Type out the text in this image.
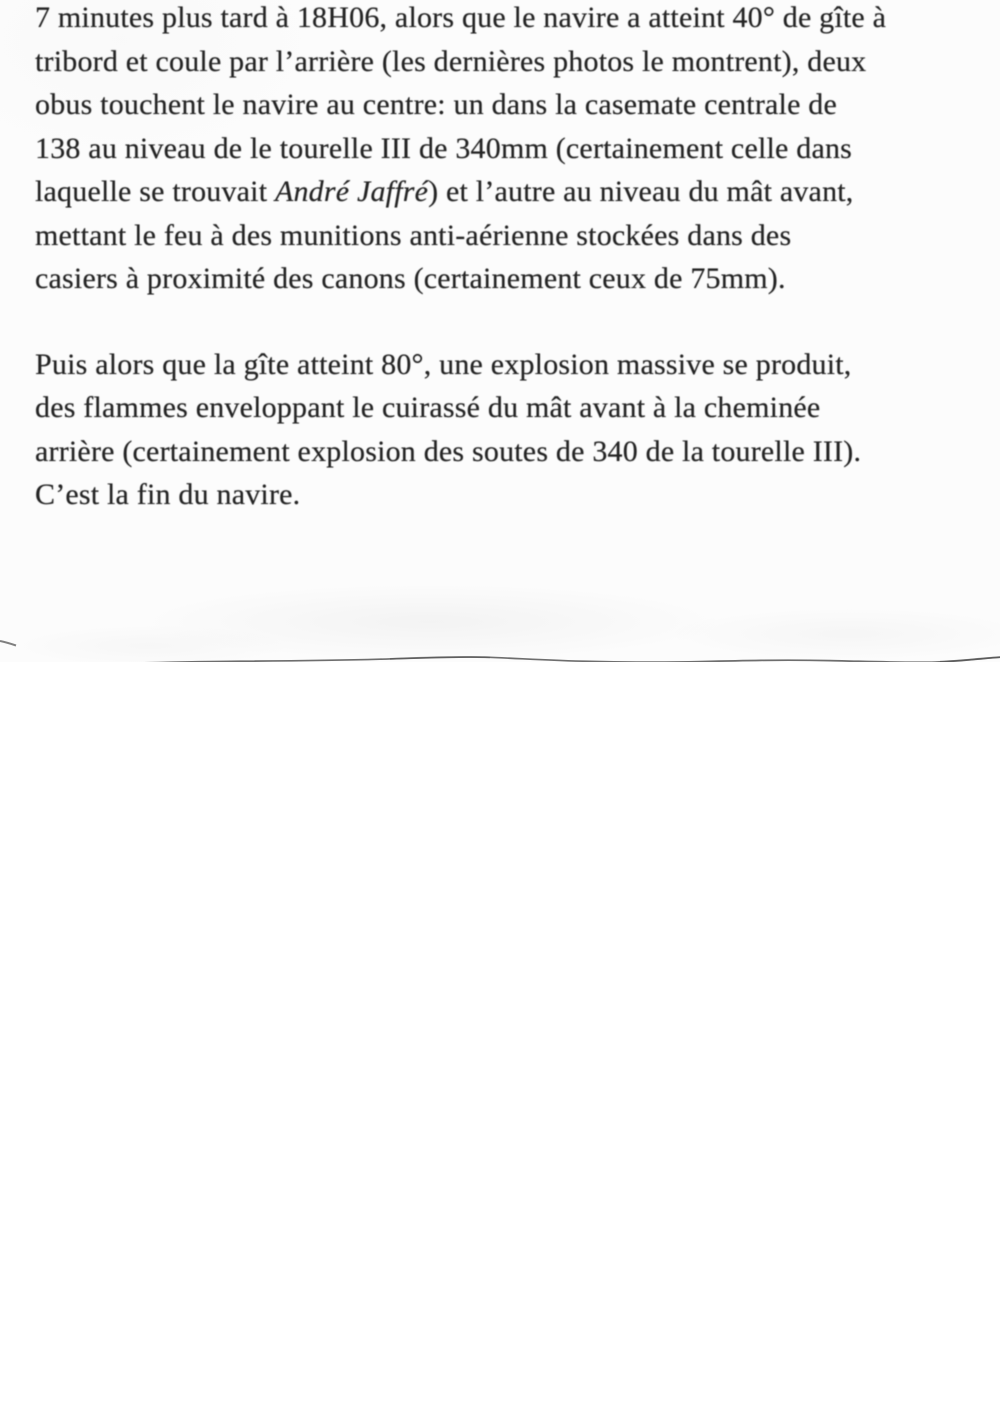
7 minutes plus tard à 18H06, alors que le navire a atteint 40° de gîte à
tribord et coule par l’arrière (les dernières photos le montrent), deux
obus touchent le navire au centre: un dans la casemate centrale de
138 au niveau de le tourelle III de 340mm (certainement celle dans
laquelle se trouvait André Jaffré) et l’autre au niveau du mât avant,
mettant le feu à des munitions anti-aérienne stockées dans des
casiers à proximité des canons (certainement ceux de 75mm).
Puis alors que la gîte atteint 80°, une explosion massive se produit,
des flammes enveloppant le cuirassé du mât avant à la cheminée
arrière (certainement explosion des soutes de 340 de la tourelle III).
C’est la fin du navire.
